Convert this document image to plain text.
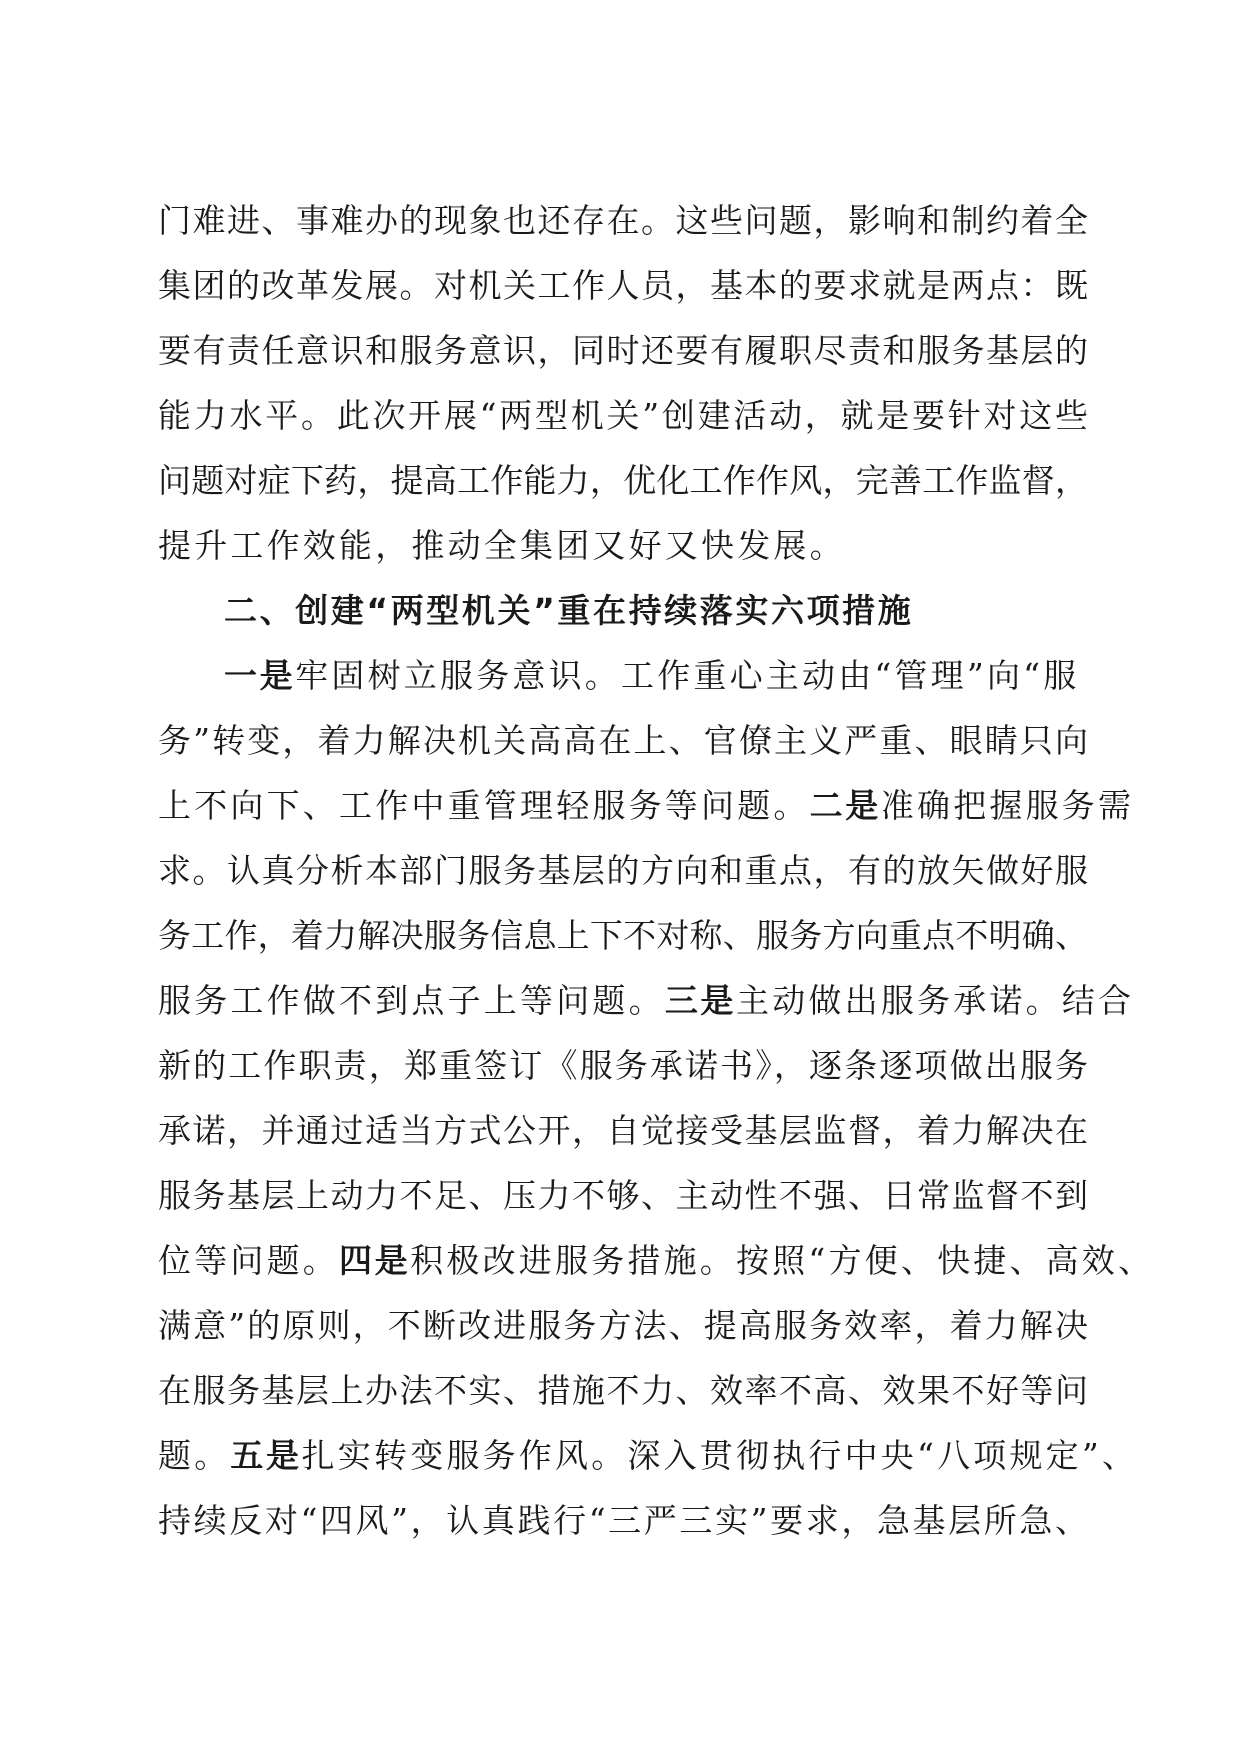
门难进、事难办的现象也还存在。这些问题，影响和制约着全
集团的改革发展。对机关工作人员，基本的要求就是两点：既
要有责任意识和服务意识，同时还要有履职尽责和服务基层的
能力水平。此次开展“两型机关”创建活动，就是要针对这些
问题对症下药，提高工作能力，优化工作作风，完善工作监督，
提升工作效能，推动全集团又好又快发展。
二、创建“两型机关”重在持续落实六项措施
一是牢固树立服务意识。工作重心主动由“管理”向“服
务”转变，着力解决机关高高在上、官僚主义严重、眼睛只向
上不向下、工作中重管理轻服务等问题。二是准确把握服务需
求。认真分析本部门服务基层的方向和重点，有的放矢做好服
务工作，着力解决服务信息上下不对称、服务方向重点不明确、
服务工作做不到点子上等问题。三是主动做出服务承诺。结合
新的工作职责，郑重签订《服务承诺书》，逐条逐项做出服务
承诺，并通过适当方式公开，自觉接受基层监督，着力解决在
服务基层上动力不足、压力不够、主动性不强、日常监督不到
位等问题。四是积极改进服务措施。按照“方便、快捷、高效、
满意”的原则，不断改进服务方法、提高服务效率，着力解决
在服务基层上办法不实、措施不力、效率不高、效果不好等问
题。五是扎实转变服务作风。深入贯彻执行中央“八项规定”、
持续反对“四风”，认真践行“三严三实”要求，急基层所急、
